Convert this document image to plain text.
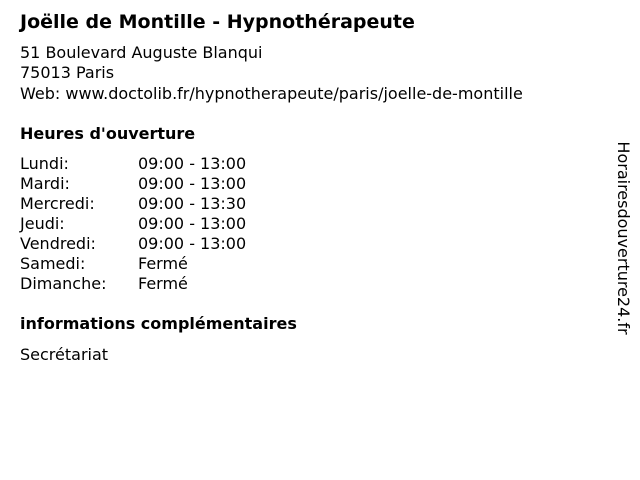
Joëlle de Montille - Hypnothérapeute
51 Boulevard Auguste Blanqui
75013 Paris
Web: www.doctolib.fr/hypnotherapeute/paris/joelle-de-montille
Heures d'ouverture
Lundi:	09:00 - 13:00
Mardi:	09:00 - 13:00
Mercredi:	09:00 - 13:30
Jeudi:	09:00 - 13:00
Vendredi:	09:00 - 13:00
Samedi:	Fermé
Dimanche: Fermé
informations complémentaires
Secrétariat
Horairesdouverture24.fr
